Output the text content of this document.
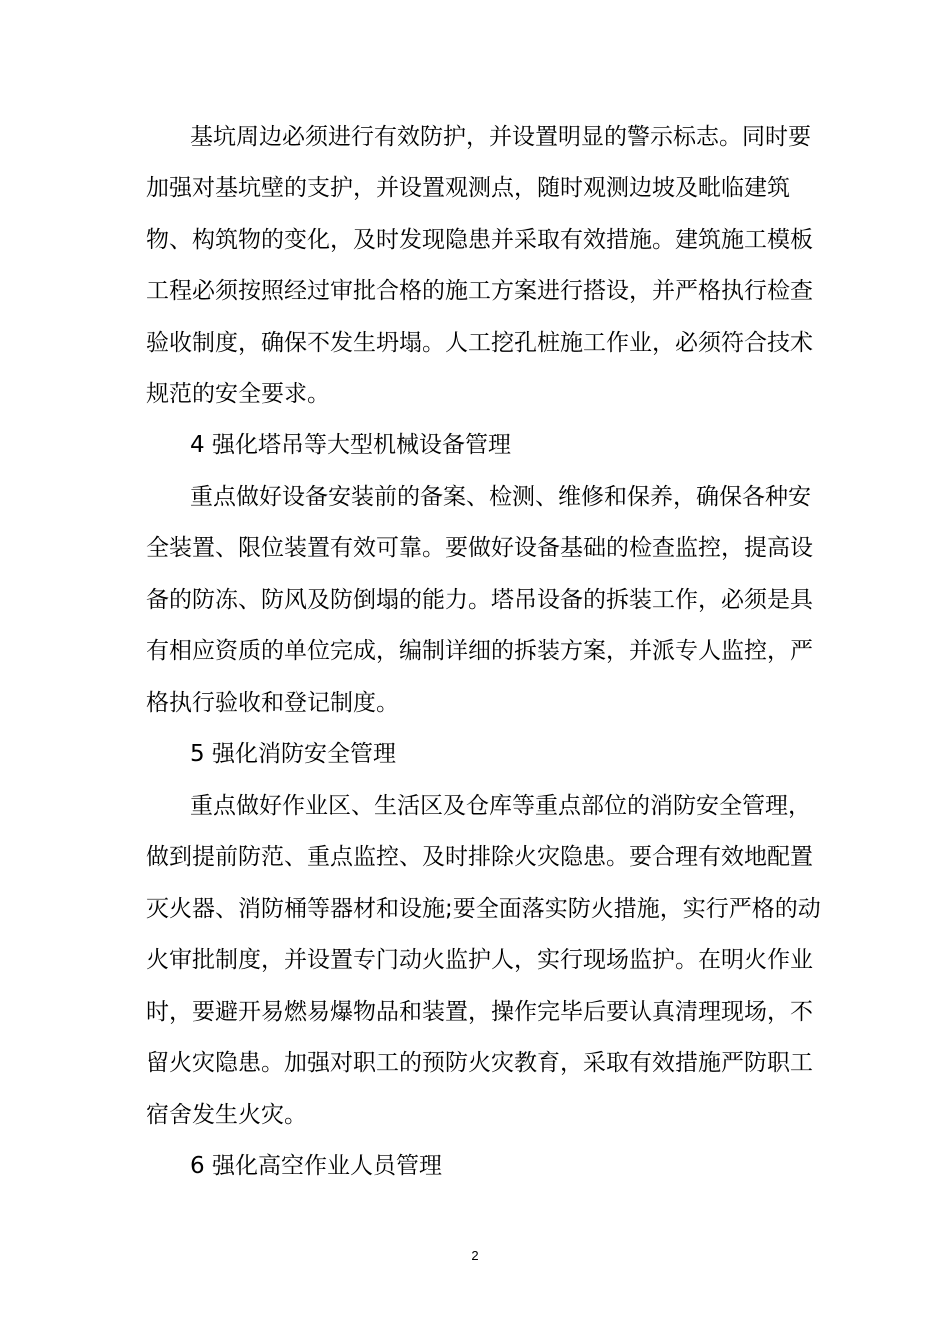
基坑周边必须进行有效防护，并设置明显的警示标志。同时要
加强对基坑壁的支护，并设置观测点，随时观测边坡及毗临建筑
物、构筑物的变化，及时发现隐患并采取有效措施。建筑施工模板
工程必须按照经过审批合格的施工方案进行搭设，并严格执行检查
验收制度，确保不发生坍塌。人工挖孔桩施工作业，必须符合技术
规范的安全要求。
4 强化塔吊等大型机械设备管理
重点做好设备安装前的备案、检测、维修和保养，确保各种安
全装置、限位装置有效可靠。要做好设备基础的检查监控，提高设
备的防冻、防风及防倒塌的能力。塔吊设备的拆装工作，必须是具
有相应资质的单位完成，编制详细的拆装方案，并派专人监控，严
格执行验收和登记制度。
5 强化消防安全管理
重点做好作业区、生活区及仓库等重点部位的消防安全管理，
做到提前防范、重点监控、及时排除火灾隐患。要合理有效地配置
灭火器、消防桶等器材和设施;要全面落实防火措施，实行严格的动
火审批制度，并设置专门动火监护人，实行现场监护。在明火作业
时，要避开易燃易爆物品和装置，操作完毕后要认真清理现场，不
留火灾隐患。加强对职工的预防火灾教育，采取有效措施严防职工
宿舍发生火灾。
6 强化高空作业人员管理
2
